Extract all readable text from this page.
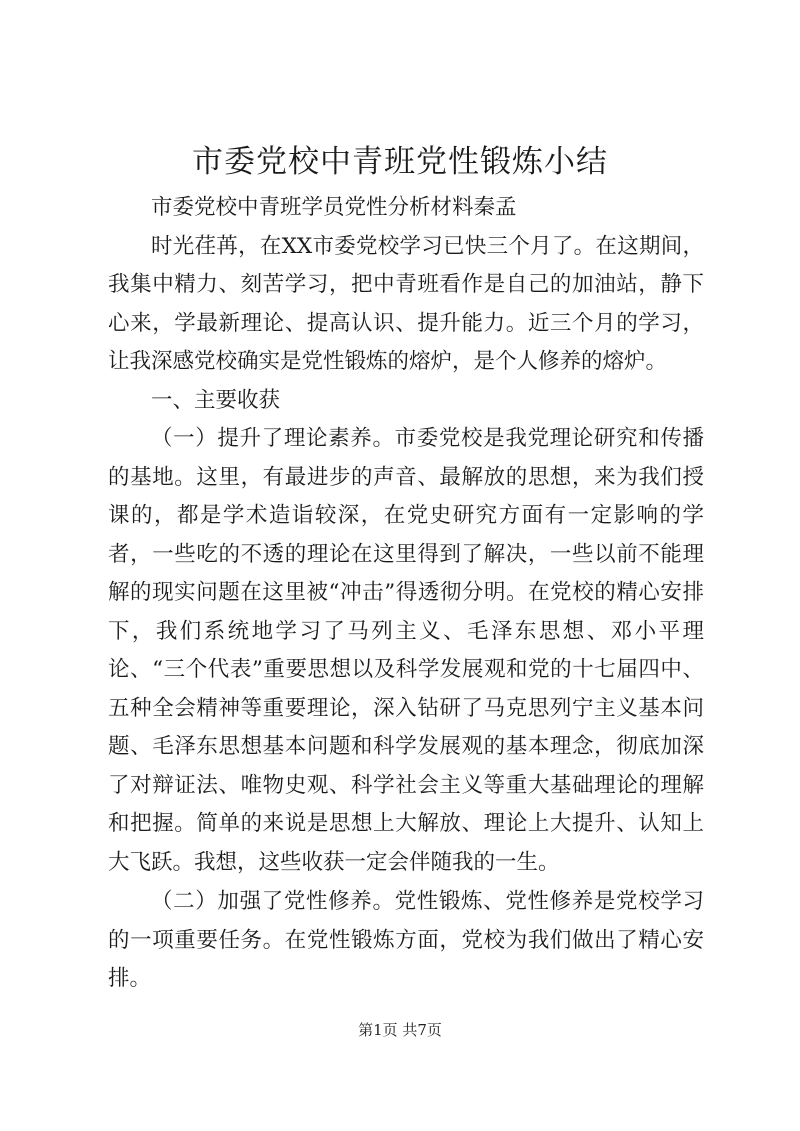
市委党校中青班党性锻炼小结

市委党校中青班学员党性分析材料秦孟

时光荏苒，在XX市委党校学习已快三个月了。在这期间，我集中精力、刻苦学习，把中青班看作是自己的加油站，静下心来，学最新理论、提高认识、提升能力。近三个月的学习，让我深感党校确实是党性锻炼的熔炉，是个人修养的熔炉。

一、主要收获

（一）提升了理论素养。市委党校是我党理论研究和传播的基地。这里，有最进步的声音、最解放的思想，来为我们授课的，都是学术造诣较深，在党史研究方面有一定影响的学者，一些吃的不透的理论在这里得到了解决，一些以前不能理解的现实问题在这里被“冲击”得透彻分明。在党校的精心安排下，我们系统地学习了马列主义、毛泽东思想、邓小平理论、“三个代表”重要思想以及科学发展观和党的十七届四中、五种全会精神等重要理论，深入钻研了马克思列宁主义基本问题、毛泽东思想基本问题和科学发展观的基本理念，彻底加深了对辩证法、唯物史观、科学社会主义等重大基础理论的理解和把握。简单的来说是思想上大解放、理论上大提升、认知上大飞跃。我想，这些收获一定会伴随我的一生。

（二）加强了党性修养。党性锻炼、党性修养是党校学习的一项重要任务。在党性锻炼方面，党校为我们做出了精心安排。

第1页 共7页
